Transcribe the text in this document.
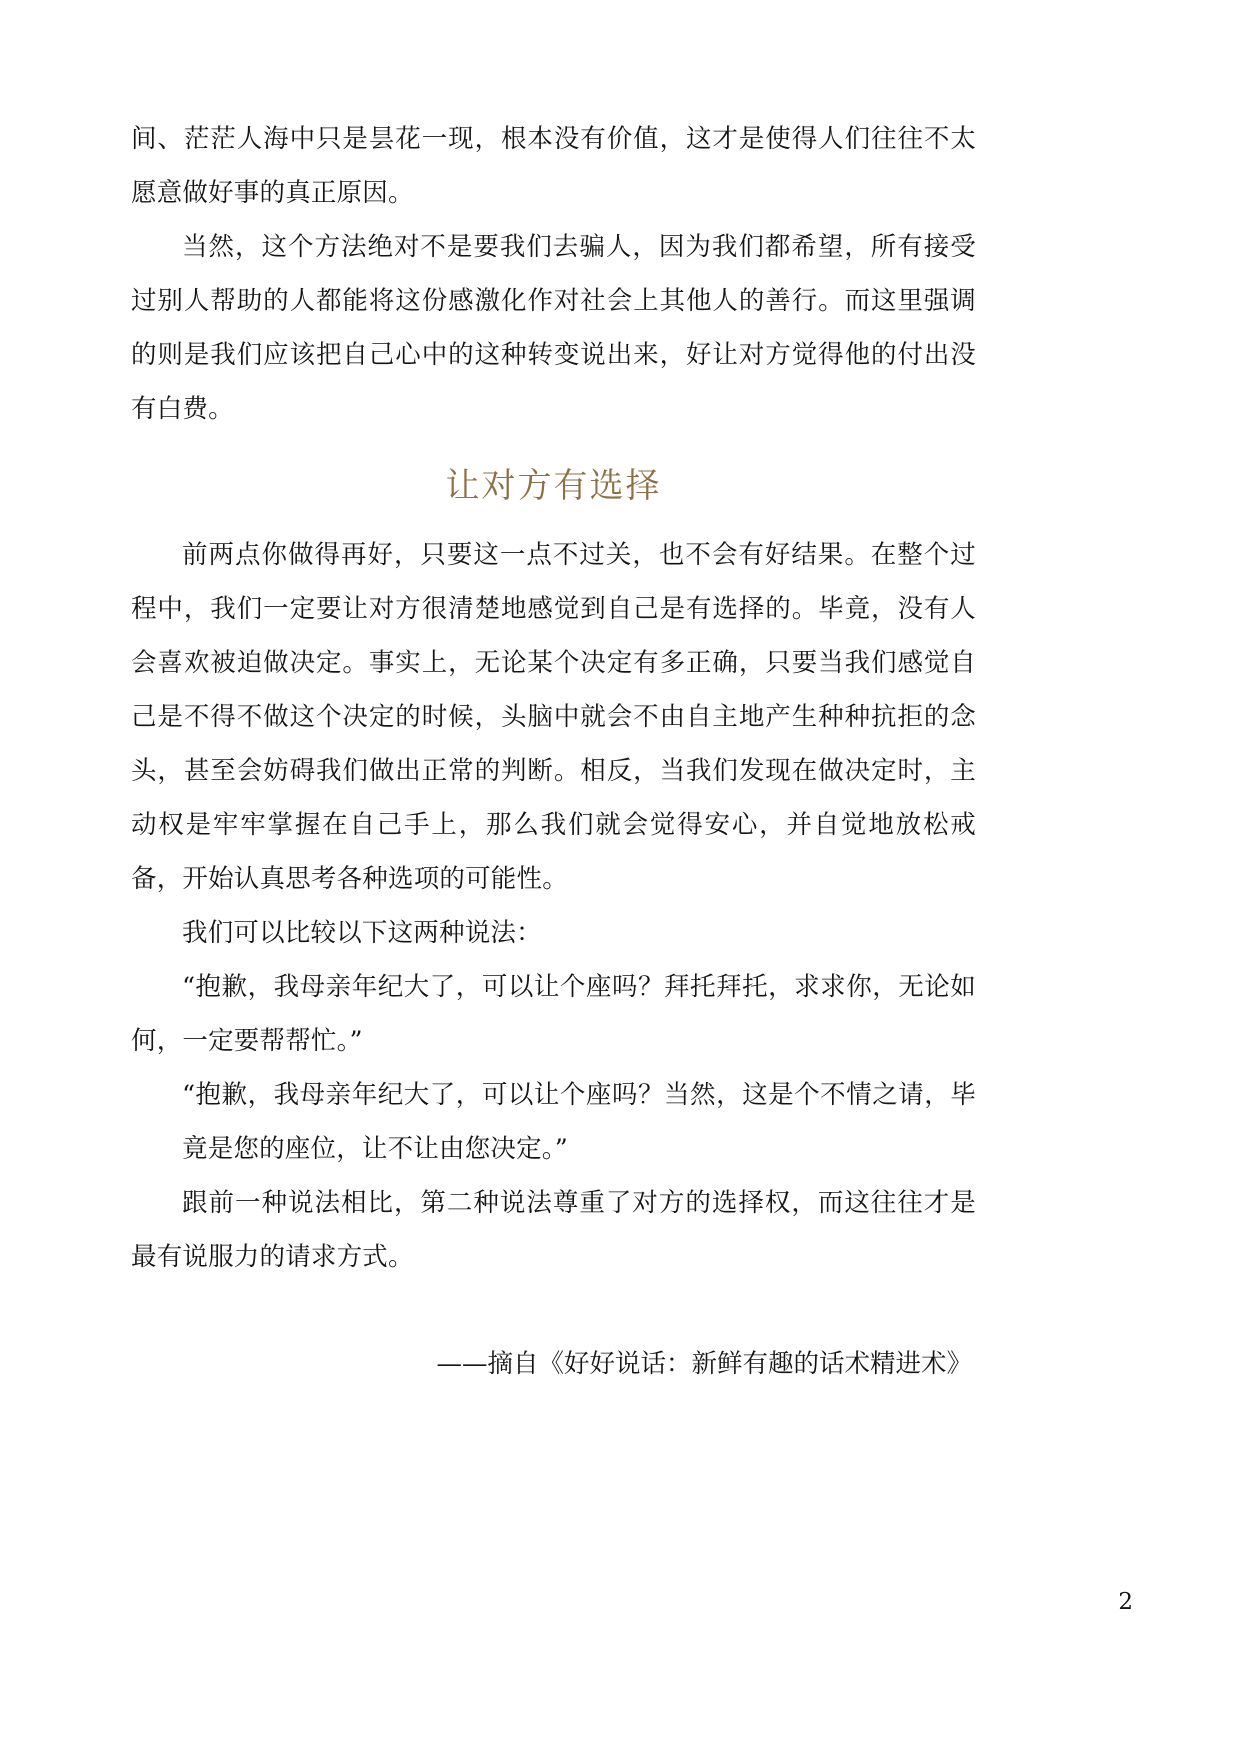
间、茫茫人海中只是昙花一现，根本没有价值，这才是使得人们往往不太愿意做好事的真正原因。

当然，这个方法绝对不是要我们去骗人，因为我们都希望，所有接受过别人帮助的人都能将这份感激化作对社会上其他人的善行。而这里强调的则是我们应该把自己心中的这种转变说出来，好让对方觉得他的付出没有白费。

让对方有选择

前两点你做得再好，只要这一点不过关，也不会有好结果。在整个过程中，我们一定要让对方很清楚地感觉到自己是有选择的。毕竟，没有人会喜欢被迫做决定。事实上，无论某个决定有多正确，只要当我们感觉自己是不得不做这个决定的时候，头脑中就会不由自主地产生种种抗拒的念头，甚至会妨碍我们做出正常的判断。相反，当我们发现在做决定时，主动权是牢牢掌握在自己手上，那么我们就会觉得安心，并自觉地放松戒备，开始认真思考各种选项的可能性。

我们可以比较以下这两种说法：

“抱歉，我母亲年纪大了，可以让个座吗？拜托拜托，求求你，无论如何，一定要帮帮忙。”

“抱歉，我母亲年纪大了，可以让个座吗？当然，这是个不情之请，毕竟是您的座位，让不让由您决定。”

跟前一种说法相比，第二种说法尊重了对方的选择权，而这往往才是最有说服力的请求方式。

——摘自《好好说话：新鲜有趣的话术精进术》

2
